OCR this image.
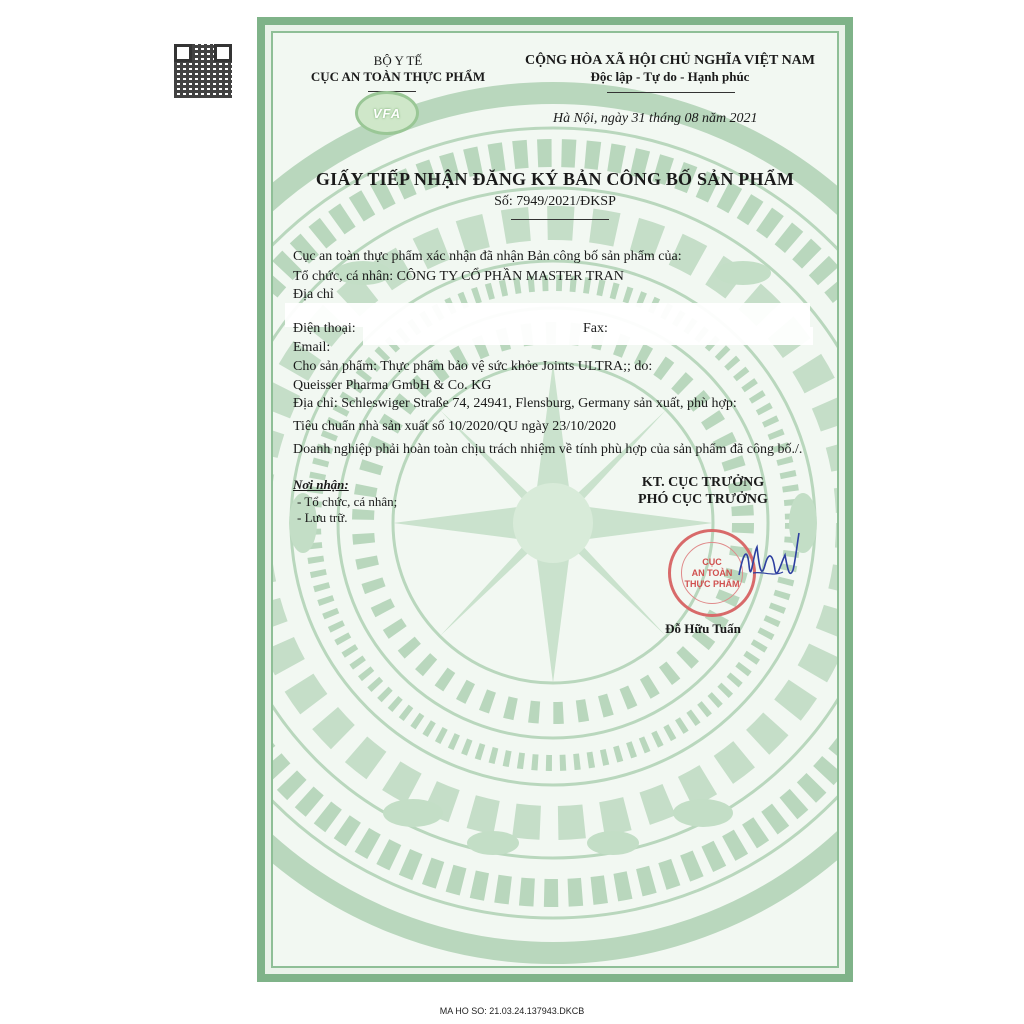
BỘ Y TẾ
CỤC AN TOÀN THỰC PHẨM
VFA
CỘNG HÒA XÃ HỘI CHỦ NGHĨA VIỆT NAM
Độc lập - Tự do - Hạnh phúc
Hà Nội, ngày 31 tháng 08 năm 2021
GIẤY TIẾP NHẬN ĐĂNG KÝ BẢN CÔNG BỐ SẢN PHẨM
Số: 7949/2021/ĐKSP
Cục an toàn thực phẩm xác nhận đã nhận Bản công bố sản phẩm của:
Tổ chức, cá nhân: CÔNG TY CỔ PHẦN MASTER TRAN
Địa chỉ
Điện thoại:	Fax:
Email:
Cho sản phẩm: Thực phẩm bảo vệ sức khỏe Joints ULTRA;; do:
Queisser Pharma GmbH & Co. KG
Địa chỉ: Schleswiger Straße 74, 24941, Flensburg, Germany sản xuất, phù hợp:
Tiêu chuẩn nhà sản xuất số 10/2020/QU ngày 23/10/2020
Doanh nghiệp phải hoàn toàn chịu trách nhiệm về tính phù hợp của sản phẩm đã công bố./.
Nơi nhận:
- Tổ chức, cá nhân;
- Lưu trữ.
KT. CỤC TRƯỞNG
PHÓ CỤC TRƯỞNG
CỤC
AN TOÀN
THỰC PHẨM
Đỗ Hữu Tuấn
MA HO SO: 21.03.24.137943.DKCB
